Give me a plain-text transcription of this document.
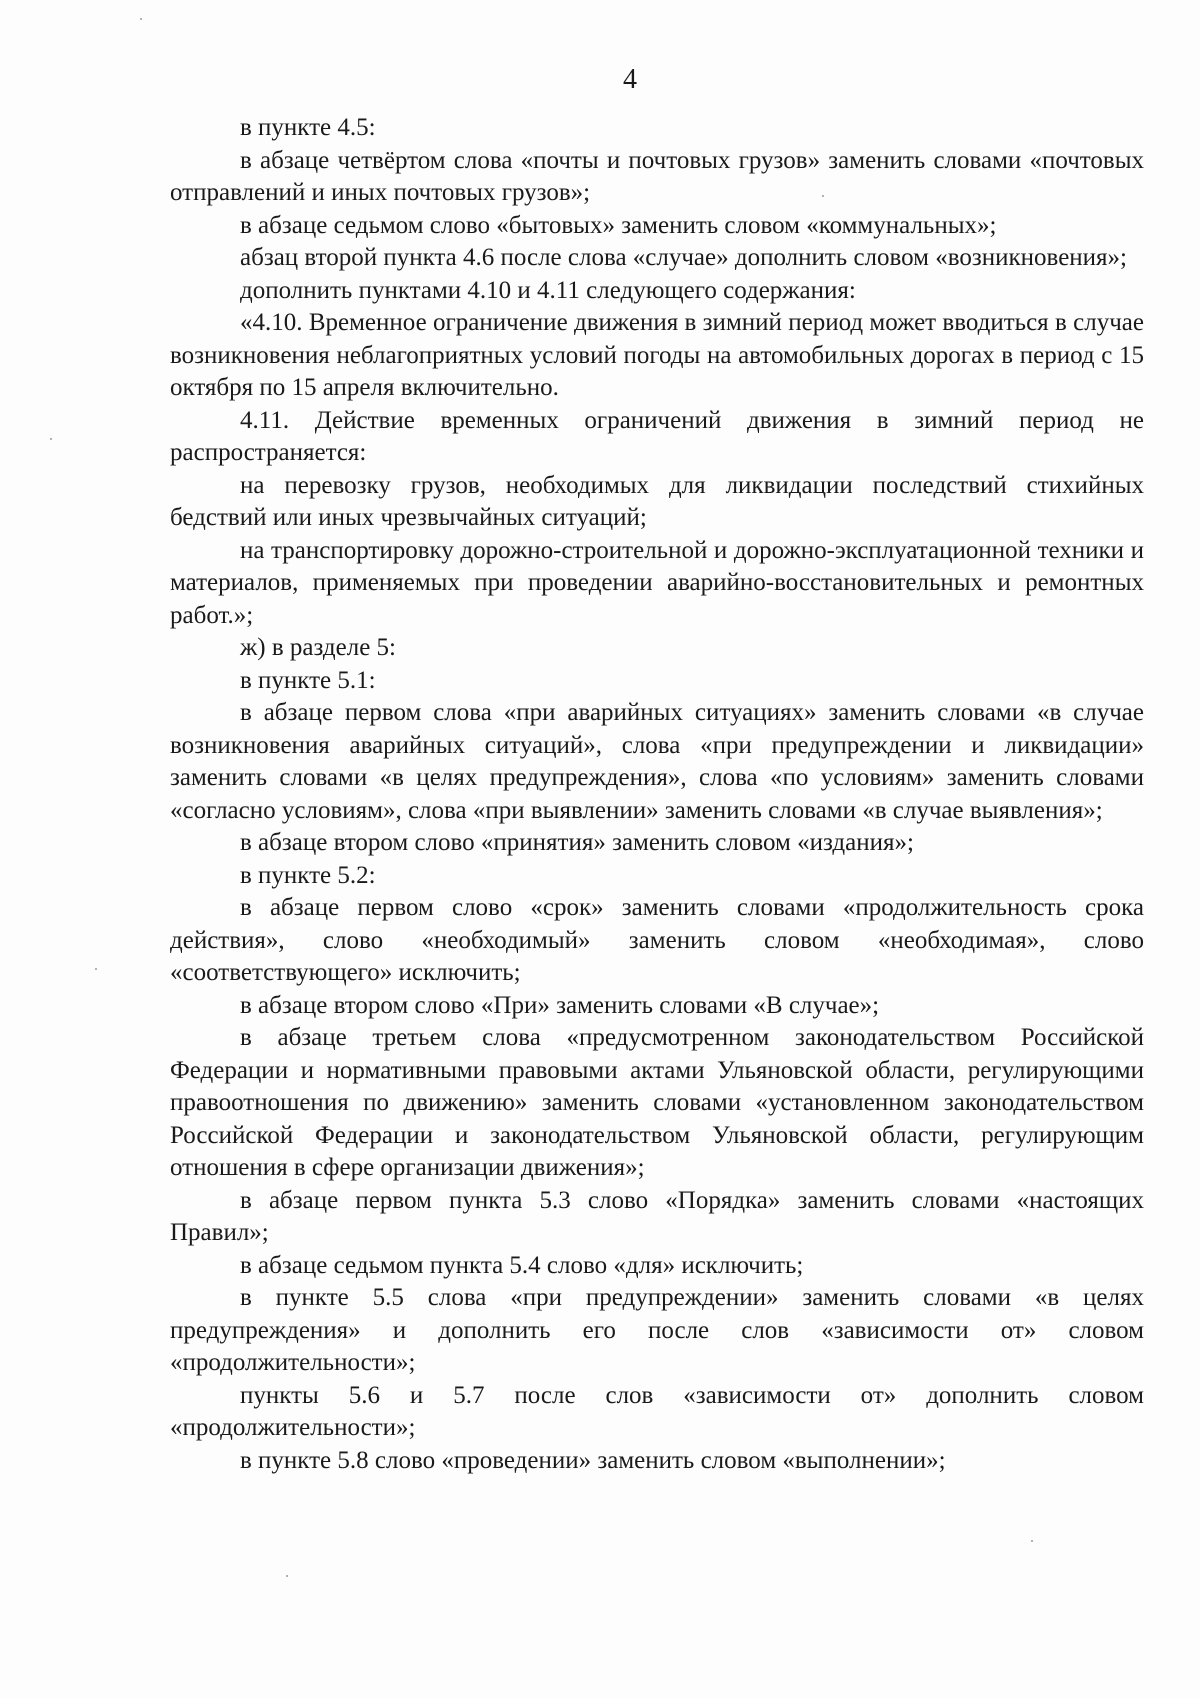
4

в пункте 4.5:

в абзаце четвёртом слова «почты и почтовых грузов» заменить словами «почтовых отправлений и иных почтовых грузов»;

в абзаце седьмом слово «бытовых» заменить словом «коммунальных»;

абзац второй пункта 4.6 после слова «случае» дополнить словом «возникновения»;

дополнить пунктами 4.10 и 4.11 следующего содержания:

«4.10. Временное ограничение движения в зимний период может вводиться в случае возникновения неблагоприятных условий погоды на автомобильных дорогах в период с 15 октября по 15 апреля включительно.

4.11. Действие временных ограничений движения в зимний период не распространяется:

на перевозку грузов, необходимых для ликвидации последствий стихийных бедствий или иных чрезвычайных ситуаций;

на транспортировку дорожно-строительной и дорожно-эксплуатационной техники и материалов, применяемых при проведении аварийно-восстановительных и ремонтных работ.»;

ж) в разделе 5:

в пункте 5.1:

в абзаце первом слова «при аварийных ситуациях» заменить словами «в случае возникновения аварийных ситуаций», слова «при предупреждении и ликвидации» заменить словами «в целях предупреждения», слова «по условиям» заменить словами «согласно условиям», слова «при выявлении» заменить словами «в случае выявления»;

в абзаце втором слово «принятия» заменить словом «издания»;

в пункте 5.2:

в абзаце первом слово «срок» заменить словами «продолжительность срока действия», слово «необходимый» заменить словом «необходимая», слово «соответствующего» исключить;

в абзаце втором слово «При» заменить словами «В случае»;

в абзаце третьем слова «предусмотренном законодательством Российской Федерации и нормативными правовыми актами Ульяновской области, регулирующими правоотношения по движению» заменить словами «установленном законодательством Российской Федерации и законодательством Ульяновской области, регулирующим отношения в сфере организации движения»;

в абзаце первом пункта 5.3 слово «Порядка» заменить словами «настоящих Правил»;

в абзаце седьмом пункта 5.4 слово «для» исключить;

в пункте 5.5 слова «при предупреждении» заменить словами «в целях предупреждения» и дополнить его после слов «зависимости от» словом «продолжительности»;

пункты 5.6 и 5.7 после слов «зависимости от» дополнить словом «продолжительности»;

в пункте 5.8 слово «проведении» заменить словом «выполнении»;
